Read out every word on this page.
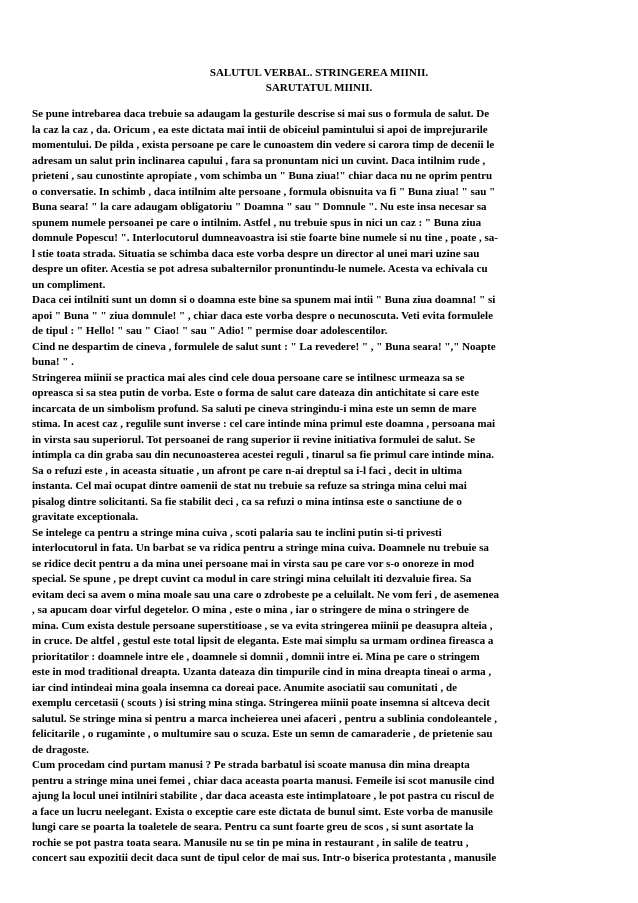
SALUTUL VERBAL. STRINGEREA MIINII.
SARUTATUL MIINII.
Se pune intrebarea daca trebuie sa adaugam la gesturile descrise si mai sus o formula de salut. De
la caz la caz , da. Oricum , ea este dictata mai intii de obiceiul pamintului si apoi de imprejurarile
momentului. De pilda , exista persoane pe care le cunoastem din vedere si carora timp de decenii le
adresam un salut prin inclinarea capului , fara sa pronuntam nici un cuvint. Daca intilnim rude ,
prieteni , sau cunostinte apropiate , vom schimba un " Buna ziua!" chiar daca nu ne oprim pentru
o conversatie. In schimb , daca intilnim alte persoane , formula obisnuita va fi " Buna ziua! " sau "
Buna seara! " la care adaugam obligatoriu " Doamna " sau " Domnule ". Nu este insa necesar sa
spunem numele persoanei pe care o intilnim. Astfel , nu trebuie spus in nici un caz : " Buna ziua
domnule Popescu! ". Interlocutorul dumneavoastra isi stie foarte bine numele si nu tine , poate , sa-
l stie toata strada. Situatia se schimba daca este vorba despre un director al unei mari uzine sau
despre un ofiter. Acestia se pot adresa subalternilor pronuntindu-le numele. Acesta va echivala cu
un compliment.
Daca cei intilniti sunt un domn si o doamna este bine sa spunem mai intii " Buna ziua doamna! " si
apoi " Buna " " ziua domnule! " , chiar daca este vorba despre o necunoscuta. Veti evita formulele
de tipul : " Hello! " sau " Ciao! " sau " Adio! " permise doar adolescentilor.
Cind ne despartim de cineva , formulele de salut sunt : " La revedere! " , " Buna seara! "," Noapte
buna! " .
Stringerea miinii se practica mai ales cind cele doua persoane care se intilnesc urmeaza sa se
opreasca si sa stea putin de vorba. Este o forma de salut care dateaza din antichitate si care este
incarcata de un simbolism profund. Sa saluti pe cineva stringindu-i mina este un semn de mare
stima. In acest caz , regulile sunt inverse : cel care intinde mina primul este doamna , persoana mai
in virsta sau superiorul. Tot persoanei de rang superior ii revine initiativa formulei de salut. Se
intimpla ca din graba sau din necunoasterea acestei reguli , tinarul sa fie primul care intinde mina.
Sa o refuzi este , in aceasta situatie , un afront pe care n-ai dreptul sa i-l faci , decit in ultima
instanta. Cel mai ocupat dintre oamenii de stat nu trebuie sa refuze sa stringa mina celui mai
pisalog dintre solicitanti. Sa fie stabilit deci , ca sa refuzi o mina intinsa este o sanctiune de o
gravitate exceptionala.
Se intelege ca pentru a stringe mina cuiva , scoti palaria sau te inclini putin si-ti privesti
interlocutorul in fata. Un barbat se va ridica pentru a stringe mina cuiva. Doamnele nu trebuie sa
se ridice decit pentru a da mina unei persoane mai in virsta sau pe care vor s-o onoreze in mod
special. Se spune , pe drept cuvint ca modul in care stringi mina celuilalt iti dezvaluie firea. Sa
evitam deci sa avem o mina moale sau una care o zdrobeste pe a celuilalt. Ne vom feri , de asemenea
, sa apucam doar virful degetelor. O mina , este o mina , iar o stringere de mina o stringere de
mina. Cum exista destule persoane superstitioase , se va evita stringerea miinii pe deasupra alteia ,
in cruce. De altfel , gestul este total lipsit de eleganta. Este mai simplu sa urmam ordinea fireasca a
prioritatilor : doamnele intre ele , doamnele si domnii , domnii intre ei. Mina pe care o stringem
este in mod traditional dreapta. Uzanta dateaza din timpurile cind in mina dreapta tineai o arma ,
iar cind intindeai mina goala insemna ca doreai pace. Anumite asociatii sau comunitati , de
exemplu cercetasii ( scouts ) isi string mina stinga. Stringerea miinii poate insemna si altceva decit
salutul. Se stringe mina si pentru a marca incheierea unei afaceri , pentru a sublinia condoleantele ,
felicitarile , o rugaminte , o multumire sau o scuza. Este un semn de camaraderie , de prietenie sau
de dragoste.
Cum procedam cind purtam manusi ? Pe strada barbatul isi scoate manusa din mina dreapta
pentru a stringe mina unei femei , chiar daca aceasta poarta manusi. Femeile isi scot manusile cind
ajung la locul unei intilniri stabilite , dar daca aceasta este intimplatoare , le pot pastra cu riscul de
a face un lucru neelegant. Exista o exceptie care este dictata de bunul simt. Este vorba de manusile
lungi care se poarta la toaletele de seara. Pentru ca sunt foarte greu de scos , si sunt asortate la
rochie se pot pastra toata seara. Manusile nu se tin pe mina in restaurant , in salile de teatru ,
concert sau expozitii decit daca sunt de tipul celor de mai sus. Intr-o biserica protestanta , manusile
